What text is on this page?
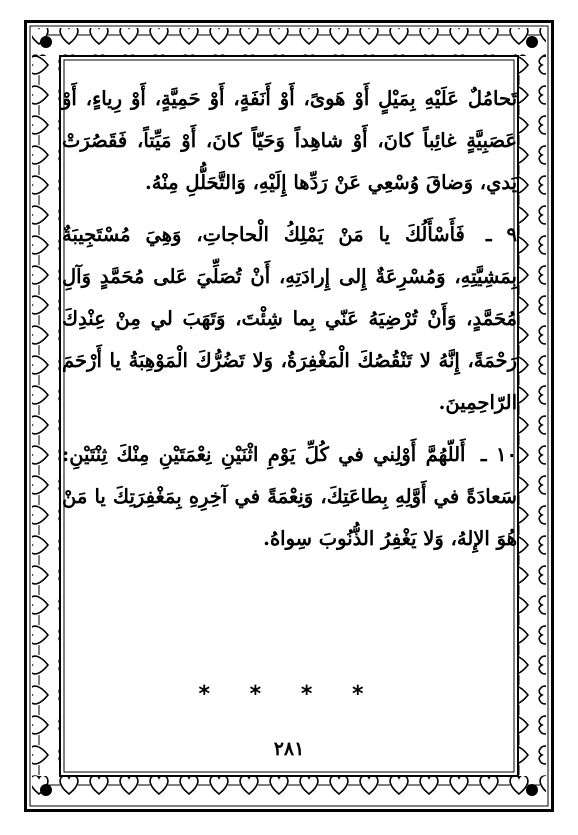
تَحامُلٌ عَلَيْهِ بِمَيْلٍ أَوْ هَوىً، أَوْ أَنَفَةٍ، أَوْ حَمِيَّةٍ، أَوْ رِياءٍ، أَوْ عَصَبِيَّةٍ غائِباً كانَ، أَوْ شاهِداً وَحَيّاً كانَ، أَوْ مَيِّتاً، فَقَصُرَتْ يَدي، وَضاقَ وُسْعِي عَنْ رَدِّها إِلَيْهِ، وَالتَّحَلُّلِ مِنْهُ.

٩ ـ فَأَسْأَلُكَ يا مَنْ يَمْلِكُ الْحاجاتِ، وَهِيَ مُسْتَجِيبَةٌ بِمَشِيَّتِهِ، وَمُسْرِعَةٌ إِلى إِرادَتِهِ، أَنْ تُصَلِّيَ عَلى مُحَمَّدٍ وَآلِ مُحَمَّدٍ، وَأَنْ تُرْضِيَهُ عَنّي بِما شِئْتَ، وَتَهَبَ لي مِنْ عِنْدِكَ رَحْمَةً، إِنَّهُ لا تَنْقُصُكَ الْمَغْفِرَةُ، وَلا تَضُرُّكَ الْمَوْهِبَةُ يا أَرْحَمَ الرّاحِمِينَ.

١٠ ـ أَللّهُمَّ أَوْلِني في كُلِّ يَوْمِ اثْنَيْنِ نِعْمَتَيْنِ مِنْكَ ثِنْتَيْنِ: سَعادَةً في أَوَّلِهِ بِطاعَتِكَ، وَنِعْمَةً في آخِرِهِ بِمَغْفِرَتِكَ يا مَنْ هُوَ الإِلهُ، وَلا يَغْفِرُ الذُّنُوبَ سِواهُ.

* * * *
٢٨١
